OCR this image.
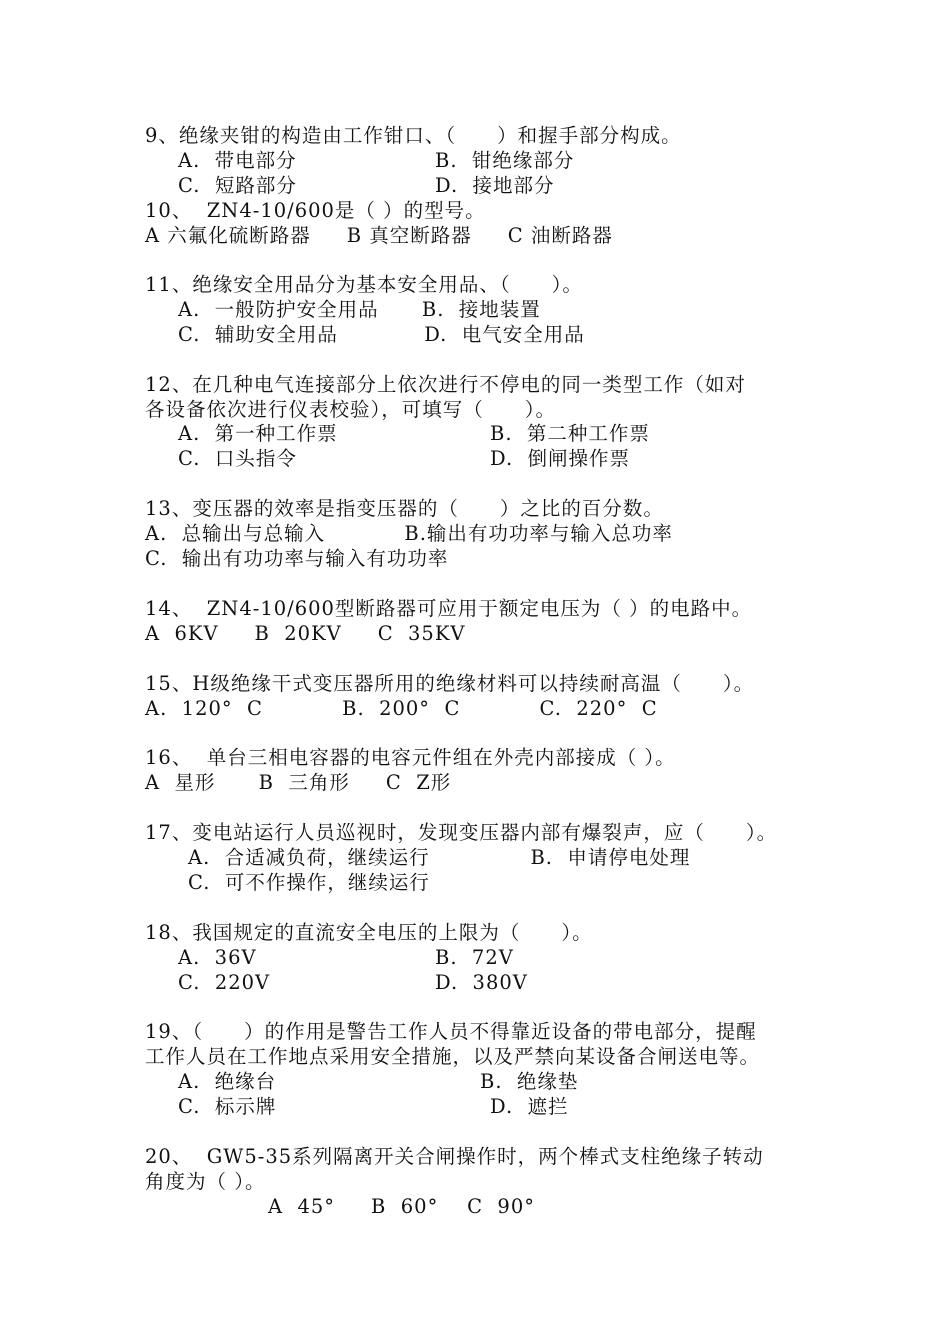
9、绝缘夹钳的构造由工作钳口、（　　）和握手部分构成。
A.  带电部分	B.  钳绝缘部分
C.  短路部分	D.  接地部分
10、  ZN4-10/600是（ ）的型号。
A 六氟化硫断路器     B 真空断路器     C 油断路器
11、绝缘安全用品分为基本安全用品、（　　）。
A.  一般防护安全用品      B.  接地装置
C.  辅助安全用品            D.  电气安全用品
12、在几种电气连接部分上依次进行不停电的同一类型工作（如对
各设备依次进行仪表校验），可填写（　　）。
A.  第一种工作票	B.  第二种工作票
C.  口头指令	D.  倒闸操作票
13、变压器的效率是指变压器的（　　）之比的百分数。
A.  总输出与总输入           B.输出有功功率与输入总功率
C.  输出有功功率与输入有功功率
14、  ZN4-10/600型断路器可应用于额定电压为（ ）的电路中。
A  6KV     B  20KV     C  35KV
15、H级绝缘干式变压器所用的绝缘材料可以持续耐高温（　　）。
A.  120°  C           B.  200°  C           C.  220°  C
16、  单台三相电容器的电容元件组在外壳内部接成（ ）。
A  星形      B  三角形     C  Z形
17、变电站运行人员巡视时，发现变压器内部有爆裂声，应（　　）。
A.  合适减负荷，继续运行              B.  申请停电处理
C.  可不作操作，继续运行
18、我国规定的直流安全电压的上限为（　　）。
A.  36V	B.  72V
C.  220V	D.  380V
19、（　　）的作用是警告工作人员不得靠近设备的带电部分，提醒
工作人员在工作地点采用安全措施，以及严禁向某设备合闸送电等。
A.  绝缘台	B.  绝缘垫
C.  标示牌	D.  遮拦
20、  GW5-35系列隔离开关合闸操作时，两个棒式支柱绝缘子转动
角度为（ ）。
A  45°     B  60°    C  90°
